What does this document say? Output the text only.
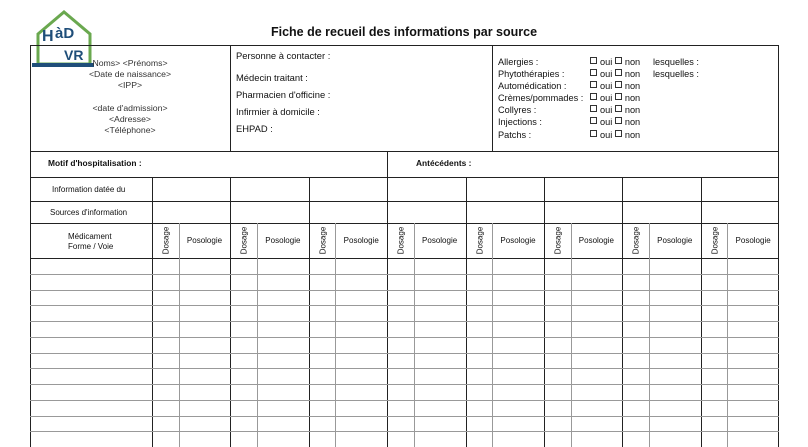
H àD
VR
Fiche de recueil des informations par source
Noms> <Prénoms>
<Date de naissance>
<IPP>
<date d'admission>
<Adresse>
<Téléphone>
Personne à contacter :
Médecin traitant :
Pharmacien d'officine :
Infirmier à domicile :
EHPAD :
Allergies :	oui non	lesquelles :
Phytothérapies :	oui non	lesquelles :
Automédication :	oui non
Crèmes/pommades :	oui non
Collyres :	oui non
Injections :	oui non
Patchs :	oui non
Motif d'hospitalisation :	Antécédents :
Information datée du
Sources d'information
Médicament
Forme / Voie	Dosage	Posologie	Dosage	Posologie	Dosage	Posologie	Dosage	Posologie	Dosage	Posologie	Dosage	Posologie	Dosage	Posologie	Dosage	Posologie
